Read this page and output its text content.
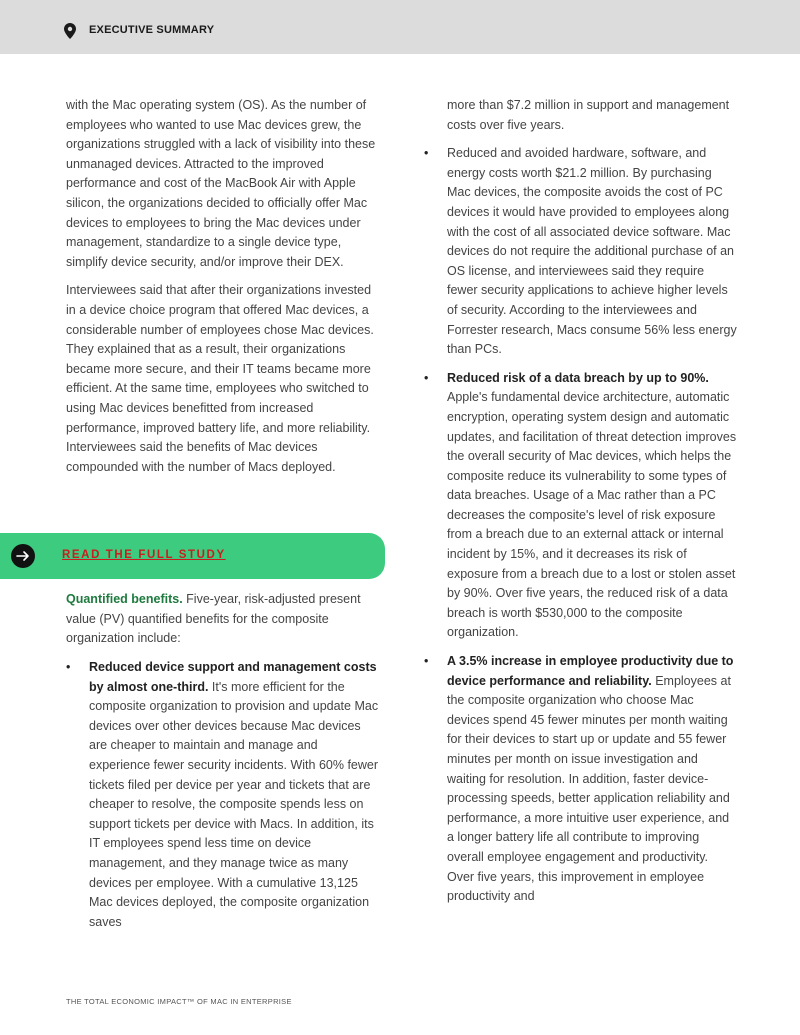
EXECUTIVE SUMMARY

with the Mac operating system (OS). As the number of employees who wanted to use Mac devices grew, the organizations struggled with a lack of visibility into these unmanaged devices. Attracted to the improved performance and cost of the MacBook Air with Apple silicon, the organizations decided to officially offer Mac devices to employees to bring the Mac devices under management, standardize to a single device type, simplify device security, and/or improve their DEX.

Interviewees said that after their organizations invested in a device choice program that offered Mac devices, a considerable number of employees chose Mac devices. They explained that as a result, their organizations became more secure, and their IT teams became more efficient. At the same time, employees who switched to using Mac devices benefitted from increased performance, improved battery life, and more reliability. Interviewees said the benefits of Mac devices compounded with the number of Macs deployed.

READ THE FULL STUDY

Quantified benefits. Five-year, risk-adjusted present value (PV) quantified benefits for the composite organization include:

• Reduced device support and management costs by almost one-third. It's more efficient for the composite organization to provision and update Mac devices over other devices because Mac devices are cheaper to maintain and manage and experience fewer security incidents. With 60% fewer tickets filed per device per year and tickets that are cheaper to resolve, the composite spends less on support tickets per device with Macs. In addition, its IT employees spend less time on device management, and they manage twice as many devices per employee. With a cumulative 13,125 Mac devices deployed, the composite organization saves

more than $7.2 million in support and management costs over five years.

• Reduced and avoided hardware, software, and energy costs worth $21.2 million. By purchasing Mac devices, the composite avoids the cost of PC devices it would have provided to employees along with the cost of all associated device software. Mac devices do not require the additional purchase of an OS license, and interviewees said they require fewer security applications to achieve higher levels of security. According to the interviewees and Forrester research, Macs consume 56% less energy than PCs.
• Reduced risk of a data breach by up to 90%. Apple's fundamental device architecture, automatic encryption, operating system design and automatic updates, and facilitation of threat detection improves the overall security of Mac devices, which helps the composite reduce its vulnerability to some types of data breaches. Usage of a Mac rather than a PC decreases the composite's level of risk exposure from a breach due to an external attack or internal incident by 15%, and it decreases its risk of exposure from a breach due to a lost or stolen asset by 90%. Over five years, the reduced risk of a data breach is worth $530,000 to the composite organization.
• A 3.5% increase in employee productivity due to device performance and reliability. Employees at the composite organization who choose Mac devices spend 45 fewer minutes per month waiting for their devices to start up or update and 55 fewer minutes per month on issue investigation and waiting for resolution. In addition, faster device-processing speeds, better application reliability and performance, a more intuitive user experience, and a longer battery life all contribute to improving overall employee engagement and productivity. Over five years, this improvement in employee productivity and
THE TOTAL ECONOMIC IMPACT™ OF MAC IN ENTERPRISE
